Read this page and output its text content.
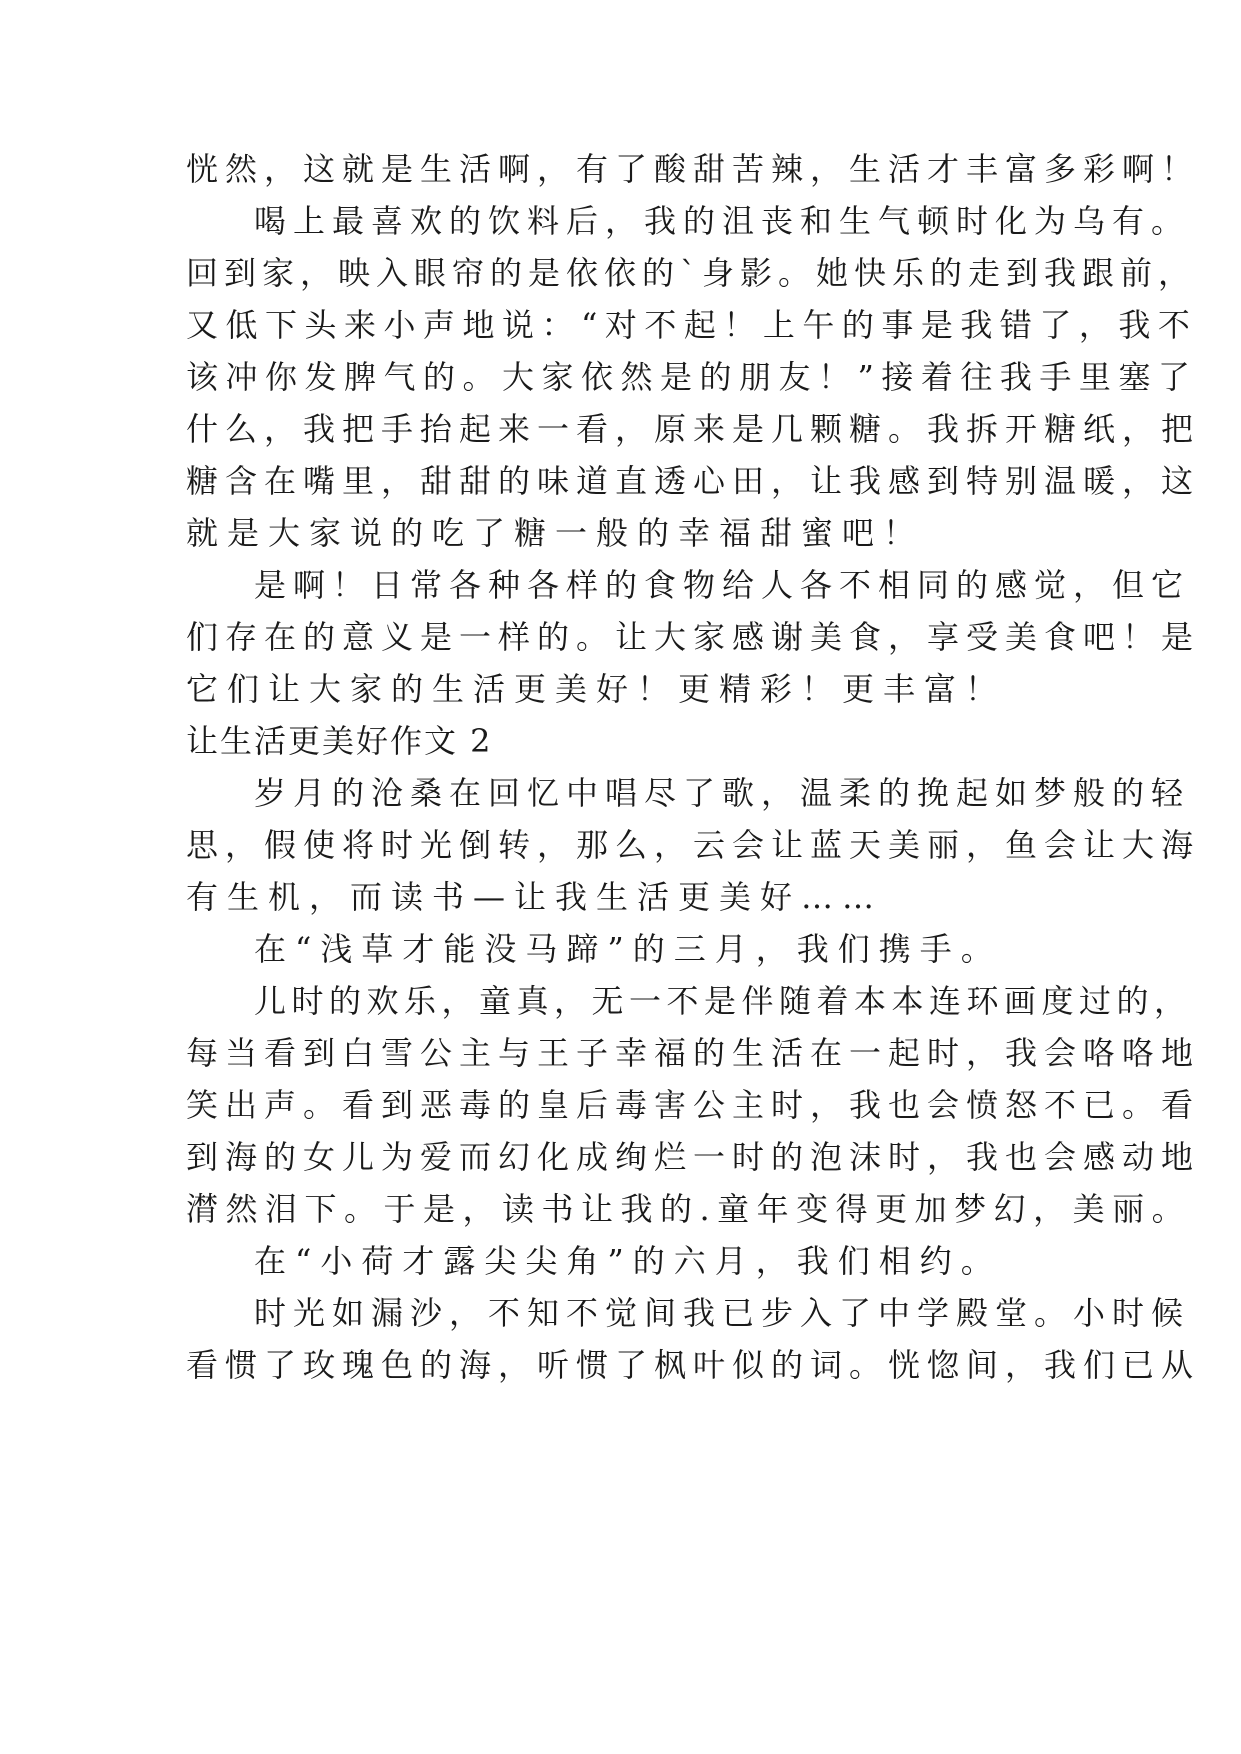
恍然，这就是生活啊，有了酸甜苦辣，生活才丰富多彩啊！
喝上最喜欢的饮料后，我的沮丧和生气顿时化为乌有。
回到家，映入眼帘的是依依的`身影。她快乐的走到我跟前，
又低下头来小声地说：“对不起！上午的事是我错了，我不
该冲你发脾气的。大家依然是的朋友！”接着往我手里塞了
什么，我把手抬起来一看，原来是几颗糖。我拆开糖纸，把
糖含在嘴里，甜甜的味道直透心田，让我感到特别温暖，这
就是大家说的吃了糖一般的幸福甜蜜吧！
是啊！日常各种各样的食物给人各不相同的感觉，但它
们存在的意义是一样的。让大家感谢美食，享受美食吧！是
它们让大家的生活更美好！更精彩！更丰富！
让生活更美好作文 2
岁月的沧桑在回忆中唱尽了歌，温柔的挽起如梦般的轻
思，假使将时光倒转，那么，云会让蓝天美丽，鱼会让大海
有生机，而读书—让我生活更美好……
在“浅草才能没马蹄”的三月，我们携手。
儿时的欢乐，童真，无一不是伴随着本本连环画度过的，
每当看到白雪公主与王子幸福的生活在一起时，我会咯咯地
笑出声。看到恶毒的皇后毒害公主时，我也会愤怒不已。看
到海的女儿为爱而幻化成绚烂一时的泡沫时，我也会感动地
潸然泪下。于是，读书让我的.童年变得更加梦幻，美丽。
在“小荷才露尖尖角”的六月，我们相约。
时光如漏沙，不知不觉间我已步入了中学殿堂。小时候
看惯了玫瑰色的海，听惯了枫叶似的词。恍惚间，我们已从
